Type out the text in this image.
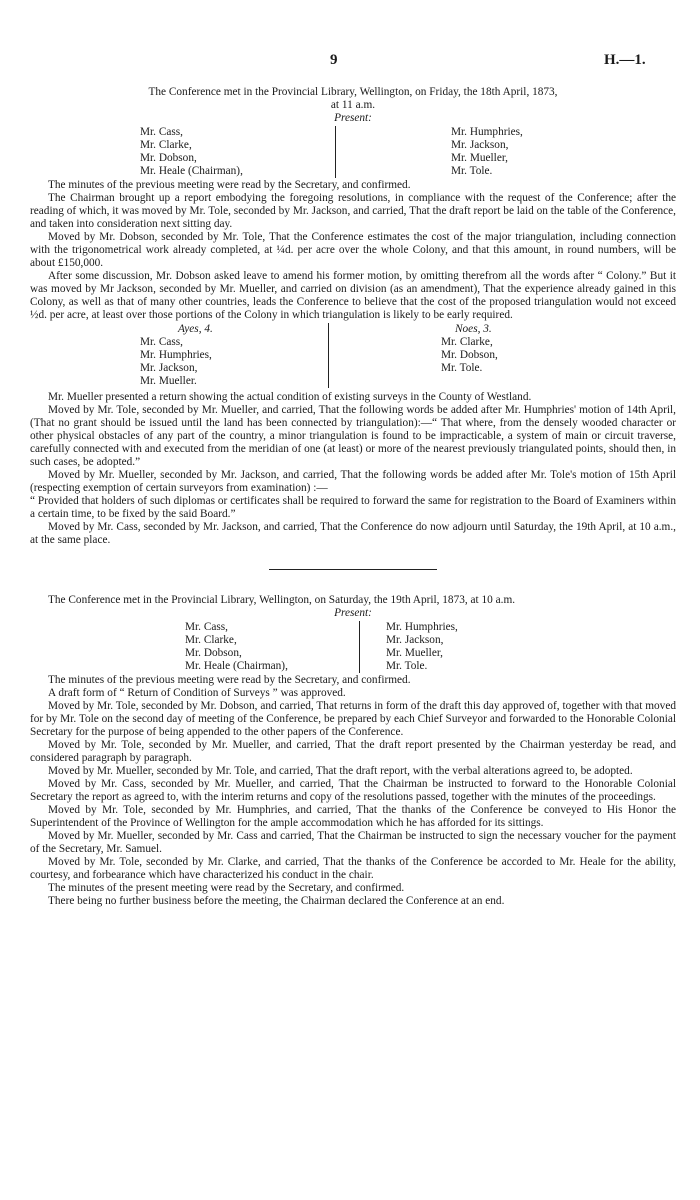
9	H.—1.
The Conference met in the Provincial Library, Wellington, on Friday, the 18th April, 1873,
at 11 a.m.
Present:
Mr. Cass,
Mr. Clarke,
Mr. Dobson,
Mr. Heale (Chairman),
Mr. Humphries,
Mr. Jackson,
Mr. Mueller,
Mr. Tole.

The minutes of the previous meeting were read by the Secretary, and confirmed.

The Chairman brought up a report embodying the foregoing resolutions, in compliance with the request of the Conference; after the reading of which, it was moved by Mr. Tole, seconded by Mr. Jackson, and carried, That the draft report be laid on the table of the Conference, and taken into consideration next sitting day.

Moved by Mr. Dobson, seconded by Mr. Tole, That the Conference estimates the cost of the major triangulation, including connection with the trigonometrical work already completed, at ¼d. per acre over the whole Colony, and that this amount, in round numbers, will be about £150,000.

After some discussion, Mr. Dobson asked leave to amend his former motion, by omitting therefrom all the words after “ Colony.” But it was moved by Mr Jackson, seconded by Mr. Mueller, and carried on division (as an amendment), That the experience already gained in this Colony, as well as that of many other countries, leads the Conference to believe that the cost of the proposed triangulation would not exceed ½d. per acre, at least over those portions of the Colony in which triangulation is likely to be early required.

Ayes, 4.
Mr. Cass,
Mr. Humphries,
Mr. Jackson,
Mr. Mueller.
Noes, 3.
Mr. Clarke,
Mr. Dobson,
Mr. Tole.

Mr. Mueller presented a return showing the actual condition of existing surveys in the County of Westland.

Moved by Mr. Tole, seconded by Mr. Mueller, and carried, That the following words be added after Mr. Humphries' motion of 14th April, (That no grant should be issued until the land has been connected by triangulation):—“ That where, from the densely wooded character or other physical obstacles of any part of the country, a minor triangulation is found to be impracticable, a system of main or circuit traverse, carefully connected with and executed from the meridian of one (at least) or more of the nearest previously triangulated points, should then, in such cases, be adopted.”

Moved by Mr. Mueller, seconded by Mr. Jackson, and carried, That the following words be added after Mr. Tole's motion of 15th April (respecting exemption of certain surveyors from examination) :—

“ Provided that holders of such diplomas or certificates shall be required to forward the same for registration to the Board of Examiners within a certain time, to be fixed by the said Board.”

Moved by Mr. Cass, seconded by Mr. Jackson, and carried, That the Conference do now adjourn until Saturday, the 19th April, at 10 a.m., at the same place.

The Conference met in the Provincial Library, Wellington, on Saturday, the 19th April, 1873, at 10 a.m.

Present:
Mr. Cass,
Mr. Clarke,
Mr. Dobson,
Mr. Heale (Chairman),
Mr. Humphries,
Mr. Jackson,
Mr. Mueller,
Mr. Tole.

The minutes of the previous meeting were read by the Secretary, and confirmed.

A draft form of “ Return of Condition of Surveys ” was approved.

Moved by Mr. Tole, seconded by Mr. Dobson, and carried, That returns in form of the draft this day approved of, together with that moved for by Mr. Tole on the second day of meeting of the Conference, be prepared by each Chief Surveyor and forwarded to the Honorable Colonial Secretary for the purpose of being appended to the other papers of the Conference.

Moved by Mr. Tole, seconded by Mr. Mueller, and carried, That the draft report presented by the Chairman yesterday be read, and considered paragraph by paragraph.

Moved by Mr. Mueller, seconded by Mr. Tole, and carried, That the draft report, with the verbal alterations agreed to, be adopted.

Moved by Mr. Cass, seconded by Mr. Mueller, and carried, That the Chairman be instructed to forward to the Honorable Colonial Secretary the report as agreed to, with the interim returns and copy of the resolutions passed, together with the minutes of the proceedings.

Moved by Mr. Tole, seconded by Mr. Humphries, and carried, That the thanks of the Conference be conveyed to His Honor the Superintendent of the Province of Wellington for the ample accommodation which he has afforded for its sittings.

Moved by Mr. Mueller, seconded by Mr. Cass and carried, That the Chairman be instructed to sign the necessary voucher for the payment of the Secretary, Mr. Samuel.

Moved by Mr. Tole, seconded by Mr. Clarke, and carried, That the thanks of the Conference be accorded to Mr. Heale for the ability, courtesy, and forbearance which have characterized his conduct in the chair.

The minutes of the present meeting were read by the Secretary, and confirmed.

There being no further business before the meeting, the Chairman declared the Conference at an end.
